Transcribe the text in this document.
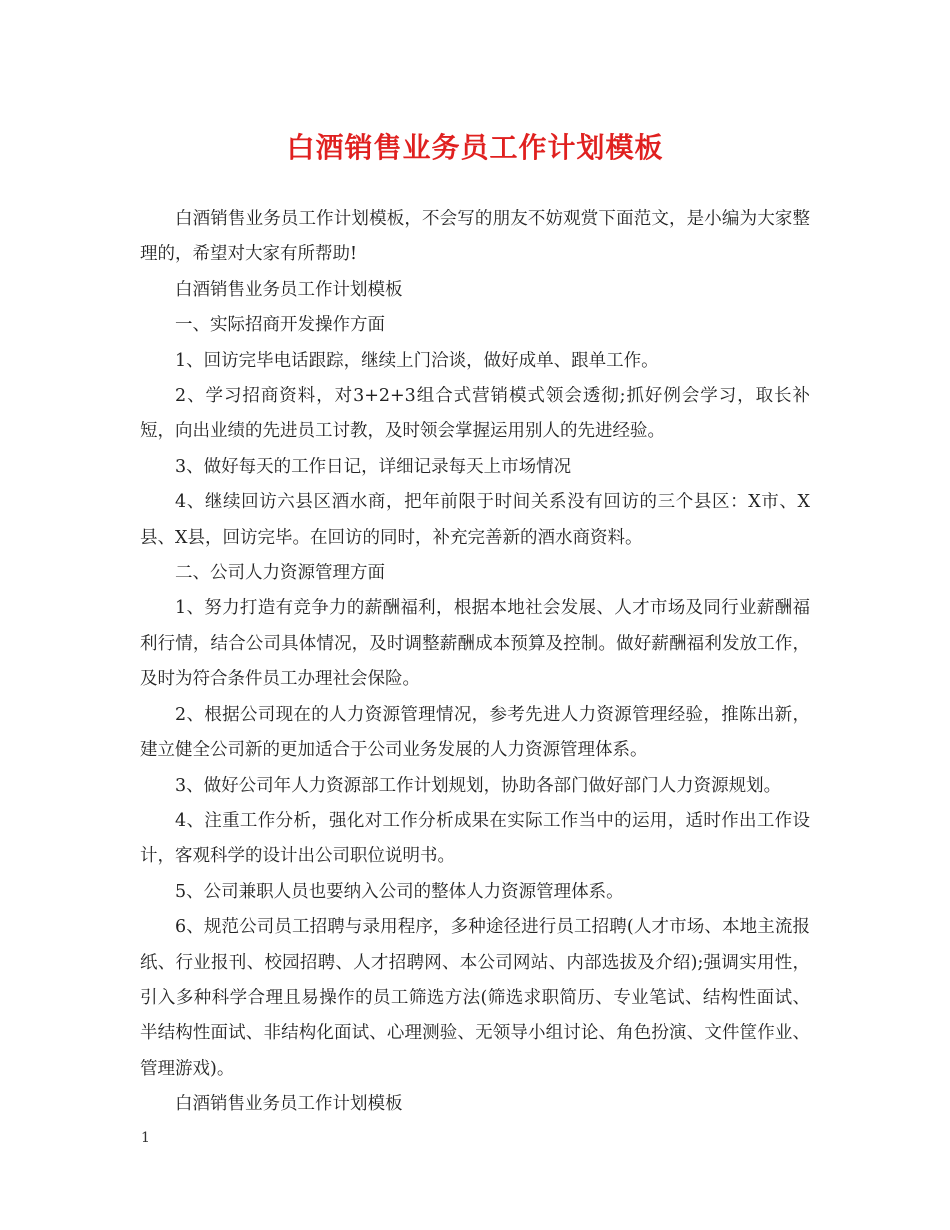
白酒销售业务员工作计划模板

白酒销售业务员工作计划模板，不会写的朋友不妨观赏下面范文，是小编为大家整理的，希望对大家有所帮助!

白酒销售业务员工作计划模板

一、实际招商开发操作方面

1、回访完毕电话跟踪，继续上门洽谈，做好成单、跟单工作。

2、学习招商资料，对3+2+3组合式营销模式领会透彻;抓好例会学习，取长补短，向出业绩的先进员工讨教，及时领会掌握运用别人的先进经验。

3、做好每天的工作日记，详细记录每天上市场情况

4、继续回访六县区酒水商，把年前限于时间关系没有回访的三个县区：X市、X县、X县，回访完毕。在回访的同时，补充完善新的酒水商资料。

二、公司人力资源管理方面

1、努力打造有竞争力的薪酬福利，根据本地社会发展、人才市场及同行业薪酬福利行情，结合公司具体情况，及时调整薪酬成本预算及控制。做好薪酬福利发放工作，及时为符合条件员工办理社会保险。

2、根据公司现在的人力资源管理情况，参考先进人力资源管理经验，推陈出新，建立健全公司新的更加适合于公司业务发展的人力资源管理体系。

3、做好公司年人力资源部工作计划规划，协助各部门做好部门人力资源规划。

4、注重工作分析，强化对工作分析成果在实际工作当中的运用，适时作出工作设计，客观科学的设计出公司职位说明书。

5、公司兼职人员也要纳入公司的整体人力资源管理体系。

6、规范公司员工招聘与录用程序，多种途径进行员工招聘(人才市场、本地主流报纸、行业报刊、校园招聘、人才招聘网、本公司网站、内部选拔及介绍);强调实用性，引入多种科学合理且易操作的员工筛选方法(筛选求职简历、专业笔试、结构性面试、半结构性面试、非结构化面试、心理测验、无领导小组讨论、角色扮演、文件筐作业、管理游戏)。

白酒销售业务员工作计划模板

1
